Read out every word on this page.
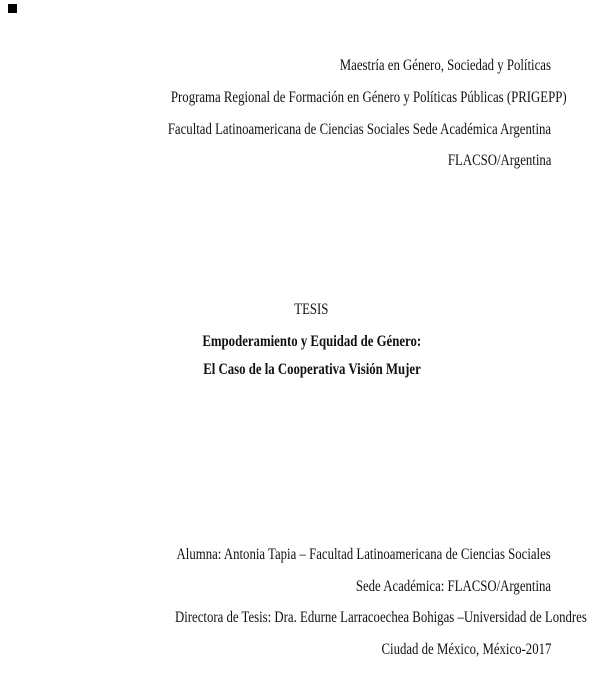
Maestría en Género, Sociedad y Políticas
Programa Regional de Formación en Género y Políticas Públicas (PRIGEPP)
Facultad Latinoamericana de Ciencias Sociales Sede Académica Argentina
FLACSO/Argentina
TESIS
Empoderamiento y Equidad de Género:
El Caso de la Cooperativa Visión Mujer
Alumna: Antonia Tapia – Facultad Latinoamericana de Ciencias Sociales
Sede Académica: FLACSO/Argentina
Directora de Tesis: Dra. Edurne Larracoechea Bohigas –Universidad de Londres
Ciudad de México, México-2017
